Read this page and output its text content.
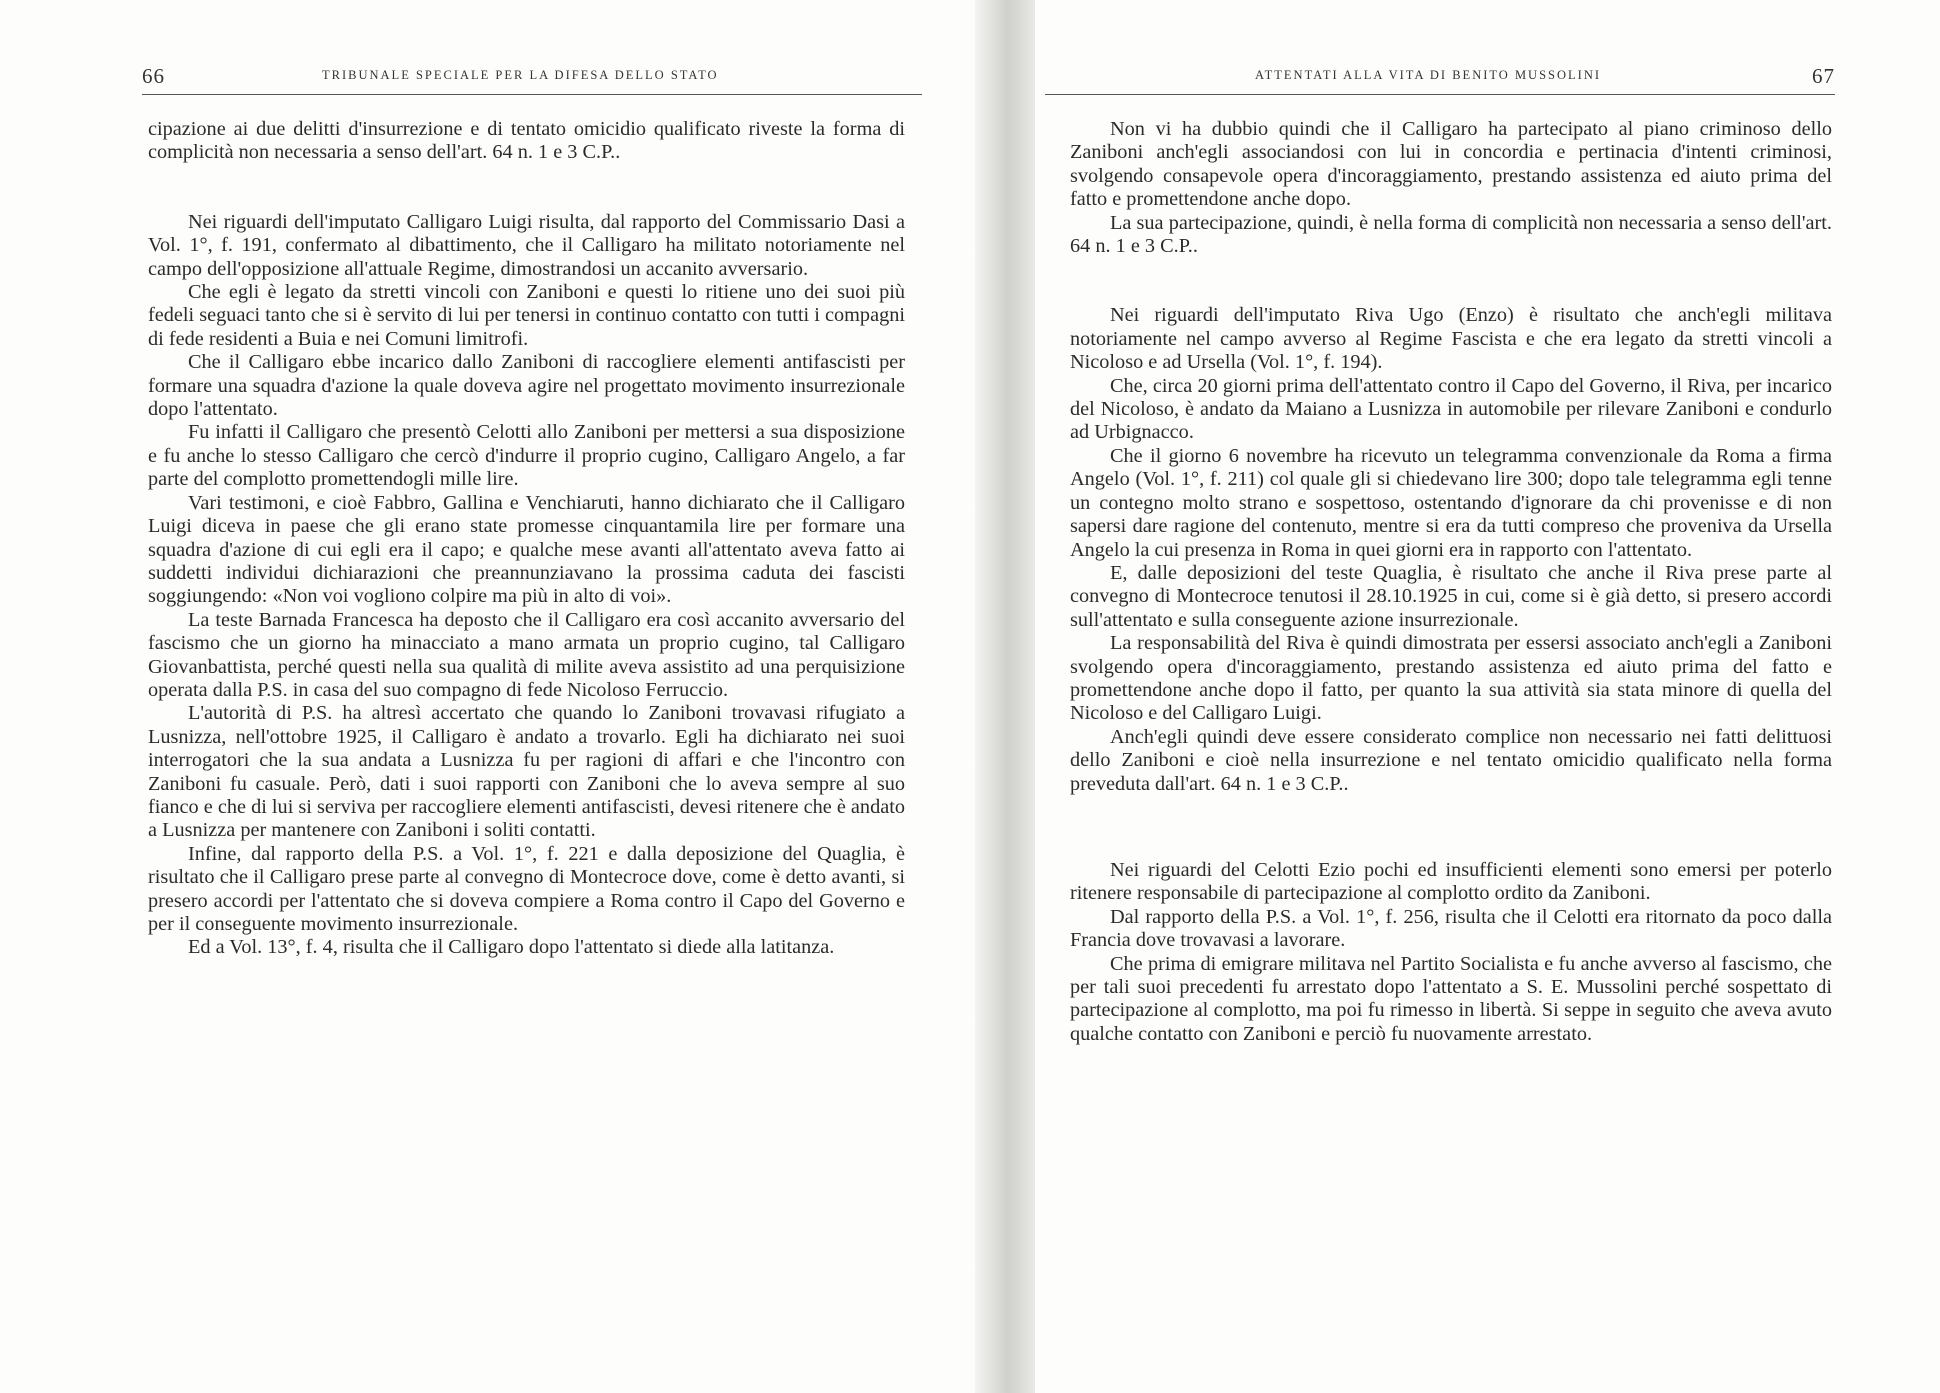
66	TRIBUNALE SPECIALE PER LA DIFESA DELLO STATO

cipazione ai due delitti d'insurrezione e di tentato omicidio qualificato riveste la forma di complicità non necessaria a senso dell'art. 64 n. 1 e 3 C.P..

Nei riguardi dell'imputato Calligaro Luigi risulta, dal rapporto del Commissario Dasi a Vol. 1°, f. 191, confermato al dibattimento, che il Calligaro ha militato notoriamente nel campo dell'opposizione all'attuale Regime, dimostrandosi un accanito avversario.

Che egli è legato da stretti vincoli con Zaniboni e questi lo ritiene uno dei suoi più fedeli seguaci tanto che si è servito di lui per tenersi in continuo contatto con tutti i compagni di fede residenti a Buia e nei Comuni limitrofi.

Che il Calligaro ebbe incarico dallo Zaniboni di raccogliere elementi antifascisti per formare una squadra d'azione la quale doveva agire nel progettato movimento insurrezionale dopo l'attentato.

Fu infatti il Calligaro che presentò Celotti allo Zaniboni per mettersi a sua disposizione e fu anche lo stesso Calligaro che cercò d'indurre il proprio cugino, Calligaro Angelo, a far parte del complotto promettendogli mille lire.

Vari testimoni, e cioè Fabbro, Gallina e Venchiaruti, hanno dichiarato che il Calligaro Luigi diceva in paese che gli erano state promesse cinquantamila lire per formare una squadra d'azione di cui egli era il capo; e qualche mese avanti all'attentato aveva fatto ai suddetti individui dichiarazioni che preannunziavano la prossima caduta dei fascisti soggiungendo: «Non voi vogliono colpire ma più in alto di voi».

La teste Barnada Francesca ha deposto che il Calligaro era così accanito avversario del fascismo che un giorno ha minacciato a mano armata un proprio cugino, tal Calligaro Giovanbattista, perché questi nella sua qualità di milite aveva assistito ad una perquisizione operata dalla P.S. in casa del suo compagno di fede Nicoloso Ferruccio.

L'autorità di P.S. ha altresì accertato che quando lo Zaniboni trovavasi rifugiato a Lusnizza, nell'ottobre 1925, il Calligaro è andato a trovarlo. Egli ha dichiarato nei suoi interrogatori che la sua andata a Lusnizza fu per ragioni di affari e che l'incontro con Zaniboni fu casuale. Però, dati i suoi rapporti con Zaniboni che lo aveva sempre al suo fianco e che di lui si serviva per raccogliere elementi antifascisti, devesi ritenere che è andato a Lusnizza per mantenere con Zaniboni i soliti contatti.

Infine, dal rapporto della P.S. a Vol. 1°, f. 221 e dalla deposizione del Quaglia, è risultato che il Calligaro prese parte al convegno di Montecroce dove, come è detto avanti, si presero accordi per l'attentato che si doveva compiere a Roma contro il Capo del Governo e per il conseguente movimento insurrezionale.

Ed a Vol. 13°, f. 4, risulta che il Calligaro dopo l'attentato si diede alla latitanza.

ATTENTATI ALLA VITA DI BENITO MUSSOLINI	67

Non vi ha dubbio quindi che il Calligaro ha partecipato al piano criminoso dello Zaniboni anch'egli associandosi con lui in concordia e pertinacia d'intenti criminosi, svolgendo consapevole opera d'incoraggiamento, prestando assistenza ed aiuto prima del fatto e promettendone anche dopo.

La sua partecipazione, quindi, è nella forma di complicità non necessaria a senso dell'art. 64 n. 1 e 3 C.P..

Nei riguardi dell'imputato Riva Ugo (Enzo) è risultato che anch'egli militava notoriamente nel campo avverso al Regime Fascista e che era legato da stretti vincoli a Nicoloso e ad Ursella (Vol. 1°, f. 194).

Che, circa 20 giorni prima dell'attentato contro il Capo del Governo, il Riva, per incarico del Nicoloso, è andato da Maiano a Lusnizza in automobile per rilevare Zaniboni e condurlo ad Urbignacco.

Che il giorno 6 novembre ha ricevuto un telegramma convenzionale da Roma a firma Angelo (Vol. 1°, f. 211) col quale gli si chiedevano lire 300; dopo tale telegramma egli tenne un contegno molto strano e sospettoso, ostentando d'ignorare da chi provenisse e di non sapersi dare ragione del contenuto, mentre si era da tutti compreso che proveniva da Ursella Angelo la cui presenza in Roma in quei giorni era in rapporto con l'attentato.

E, dalle deposizioni del teste Quaglia, è risultato che anche il Riva prese parte al convegno di Montecroce tenutosi il 28.10.1925 in cui, come si è già detto, si presero accordi sull'attentato e sulla conseguente azione insurrezionale.

La responsabilità del Riva è quindi dimostrata per essersi associato anch'egli a Zaniboni svolgendo opera d'incoraggiamento, prestando assistenza ed aiuto prima del fatto e promettendone anche dopo il fatto, per quanto la sua attività sia stata minore di quella del Nicoloso e del Calligaro Luigi.

Anch'egli quindi deve essere considerato complice non necessario nei fatti delittuosi dello Zaniboni e cioè nella insurrezione e nel tentato omicidio qualificato nella forma preveduta dall'art. 64 n. 1 e 3 C.P..

Nei riguardi del Celotti Ezio pochi ed insufficienti elementi sono emersi per poterlo ritenere responsabile di partecipazione al complotto ordito da Zaniboni.

Dal rapporto della P.S. a Vol. 1°, f. 256, risulta che il Celotti era ritornato da poco dalla Francia dove trovavasi a lavorare.

Che prima di emigrare militava nel Partito Socialista e fu anche avverso al fascismo, che per tali suoi precedenti fu arrestato dopo l'attentato a S. E. Mussolini perché sospettato di partecipazione al complotto, ma poi fu rimesso in libertà. Si seppe in seguito che aveva avuto qualche contatto con Zaniboni e perciò fu nuovamente arrestato.
